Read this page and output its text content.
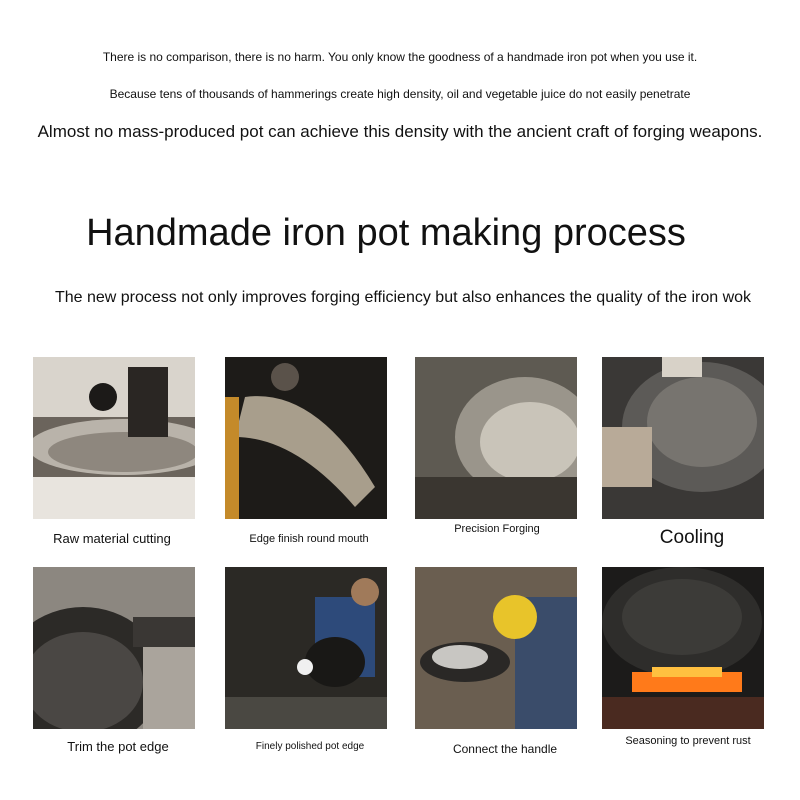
There is no comparison, there is no harm. You only know the goodness of a handmade iron pot when you use it.
Because tens of thousands of hammerings create high density, oil and vegetable juice do not easily penetrate
Almost no mass-produced pot can achieve this density with the ancient craft of forging weapons.
Handmade iron pot making process
The new process not only improves forging efficiency but also enhances the quality of the iron wok
Raw material cutting	Edge finish round mouth
Precision Forging	Cooling
Trim the pot edge	Finely polished pot edge	Connect the handle
Seasoning to prevent rust
